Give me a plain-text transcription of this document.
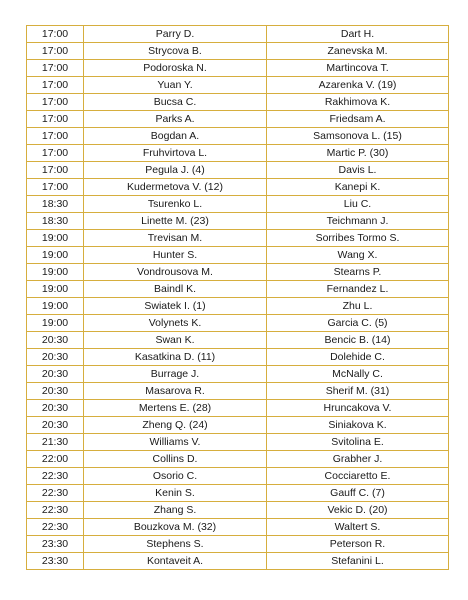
17:00	Parry D.	Dart H.
17:00	Strycova B.	Zanevska M.
17:00	Podoroska N.	Martincova T.
17:00	Yuan Y.	Azarenka V. (19)
17:00	Bucsa C.	Rakhimova K.
17:00	Parks A.	Friedsam A.
17:00	Bogdan A.	Samsonova L. (15)
17:00	Fruhvirtova L.	Martic P. (30)
17:00	Pegula J. (4)	Davis L.
17:00	Kudermetova V. (12)	Kanepi K.
18:30	Tsurenko L.	Liu C.
18:30	Linette M. (23)	Teichmann J.
19:00	Trevisan M.	Sorribes Tormo S.
19:00	Hunter S.	Wang X.
19:00	Vondrousova M.	Stearns P.
19:00	Baindl K.	Fernandez L.
19:00	Swiatek I. (1)	Zhu L.
19:00	Volynets K.	Garcia C. (5)
20:30	Swan K.	Bencic B. (14)
20:30	Kasatkina D. (11)	Dolehide C.
20:30	Burrage J.	McNally C.
20:30	Masarova R.	Sherif M. (31)
20:30	Mertens E. (28)	Hruncakova V.
20:30	Zheng Q. (24)	Siniakova K.
21:30	Williams V.	Svitolina E.
22:00	Collins D.	Grabher J.
22:30	Osorio C.	Cocciaretto E.
22:30	Kenin S.	Gauff C. (7)
22:30	Zhang S.	Vekic D. (20)
22:30	Bouzkova M. (32)	Waltert S.
23:30	Stephens S.	Peterson R.
23:30	Kontaveit A.	Stefanini L.
